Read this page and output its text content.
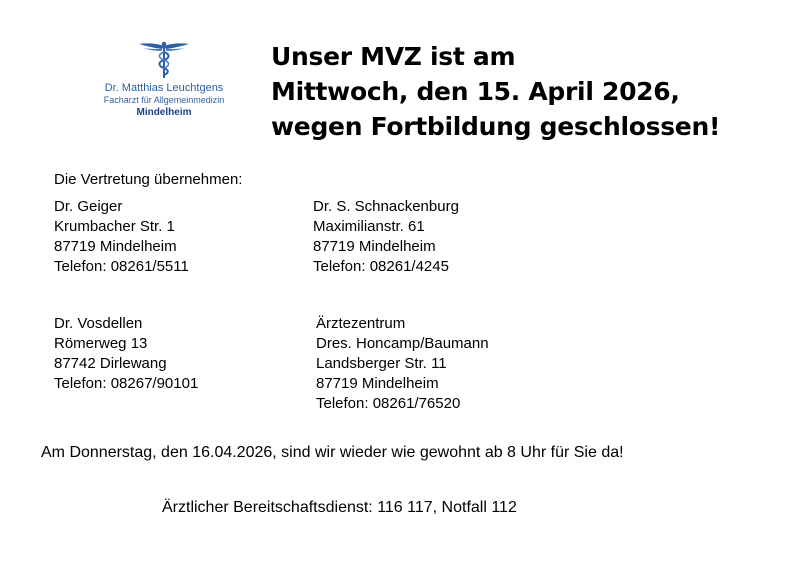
Dr. Matthias Leuchtgens
Facharzt für Allgemeinmedizin
Mindelheim
Unser MVZ ist am
Mittwoch, den 15. April 2026,
wegen Fortbildung geschlossen!
Die Vertretung übernehmen:
Dr. Geiger
Krumbacher Str. 1
87719 Mindelheim
Telefon: 08261/5511
Dr. S. Schnackenburg
Maximilianstr. 61
87719 Mindelheim
Telefon: 08261/4245
Dr. Vosdellen
Römerweg 13
87742 Dirlewang
Telefon: 08267/90101
Ärztezentrum
Dres. Honcamp/Baumann
Landsberger Str. 11
87719 Mindelheim
Telefon: 08261/76520
Am Donnerstag, den 16.04.2026, sind wir wieder wie gewohnt ab 8 Uhr für Sie da!
Ärztlicher Bereitschaftsdienst: 116 117, Notfall 112
